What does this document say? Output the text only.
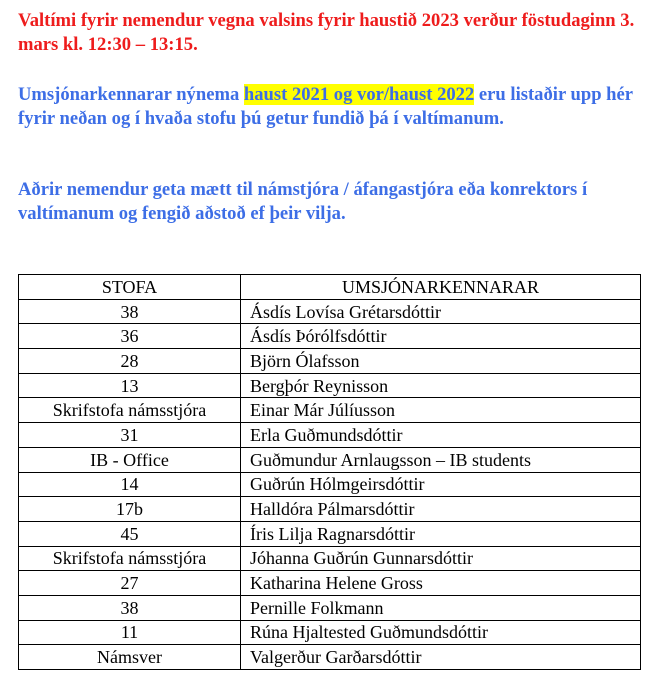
Valtími fyrir nemendur vegna valsins fyrir haustið 2023 verður föstudaginn 3. mars kl. 12:30 – 13:15.

Umsjónarkennarar nýnema haust 2021 og vor/haust 2022 eru listaðir upp hér fyrir neðan og í hvaða stofu þú getur fundið þá í valtímanum.

Aðrir nemendur geta mætt til námstjóra / áfangastjóra eða konrektors í valtímanum og fengið aðstoð ef þeir vilja.

STOFA	UMSJÓNARKENNARAR
38	Ásdís Lovísa Grétarsdóttir
36	Ásdís Þórólfsdóttir
28	Björn Ólafsson
13	Bergþór Reynisson
Skrifstofa námsstjóra	Einar Már Júlíusson
31	Erla Guðmundsdóttir
IB - Office	Guðmundur Arnlaugsson – IB students
14	Guðrún Hólmgeirsdóttir
17b	Halldóra Pálmarsdóttir
45	Íris Lilja Ragnarsdóttir
Skrifstofa námsstjóra	Jóhanna Guðrún Gunnarsdóttir
27	Katharina Helene Gross
38	Pernille Folkmann
11	Rúna Hjaltested Guðmundsdóttir
Námsver	Valgerður Garðarsdóttir
